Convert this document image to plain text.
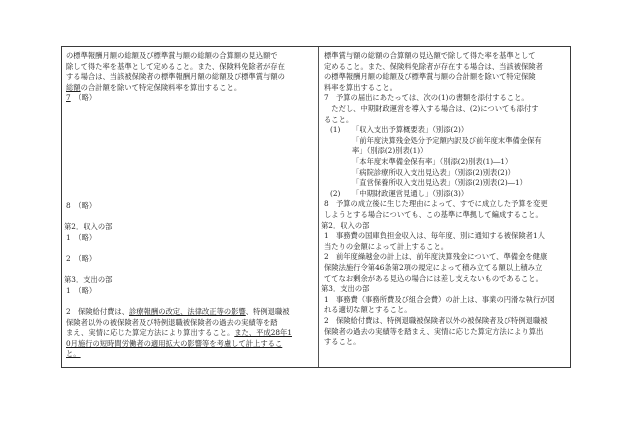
の標準報酬月額の総額及び標準賞与額の総額の合算額の見込額で
除して得た率を基準として定めること。また、保険料免除者が存在
する場合は、当該被保険者の標準報酬月額の総額及び標準賞与額の
総額の合計額を除いて特定保険料率を算出すること。
7　 （略）
8　（略）
第2．収入の部
1　（略）
2　（略）
第3．支出の部
1　（略）
2　保険給付費は、診療報酬の改定、法律改正等の影響、特例退職被
保険者以外の被保険者及び特例退職被保険者の過去の実績等を踏
まえ、実情に応じた算定方法により算出すること。また、平成28年1
0月施行の短時間労働者の適用拡大の影響等を考慮して計上するこ
と。
標準賞与額の総額の合算額の見込額で除して得た率を基準として
定めること。また、保険料免除者が存在する場合は、当該被保険者
の標準報酬月額の総額及び標準賞与額の合計額を除いて特定保険
料率を算出すること。
7　予算の届出にあたっては、次の(1)の書類を添付すること。
　ただし、中期財政運営を導入する場合は、(2)についても添付す
ること。
(1) 「収入支出予算概要表」（別添(2)）
「前年度決算残金処分予定額内訳及び前年度末準備金保有
率」（別添(2)別表(1)）
「本年度末準備金保有率」（別添(2)別表(1)―1）
「病院診療所収入支出見込表」（別添(2)別表(2)）
「直営保養所収入支出見込表」（別添(2)別表(2)―1）
(2) 「中期財政運営見通し」（別添(3)）
8　予算の成立後に生じた理由によって、すでに成立した予算を変更
しようとする場合についても、この基準に準拠して編成すること。
第2．収入の部
1　事務費の国庫負担金収入は、毎年度、別に通知する被保険者1人
当たりの金額によって計上すること。
2　前年度繰越金の計上は、前年度決算残金について、準備金を健康
保険法施行令第46条第2項の規定によって積み立てる額以上積み立
ててなお剰余がある見込の場合には差し支えないものであること。
第3．支出の部
1　事務費（事務所費及び組合会費）の計上は、事業の円滑な執行が図
れる適切な額とすること。
2　保険給付費は、特例退職被保険者以外の被保険者及び特例退職被
保険者の過去の実績等を踏まえ、実情に応じた算定方法により算出
すること。
